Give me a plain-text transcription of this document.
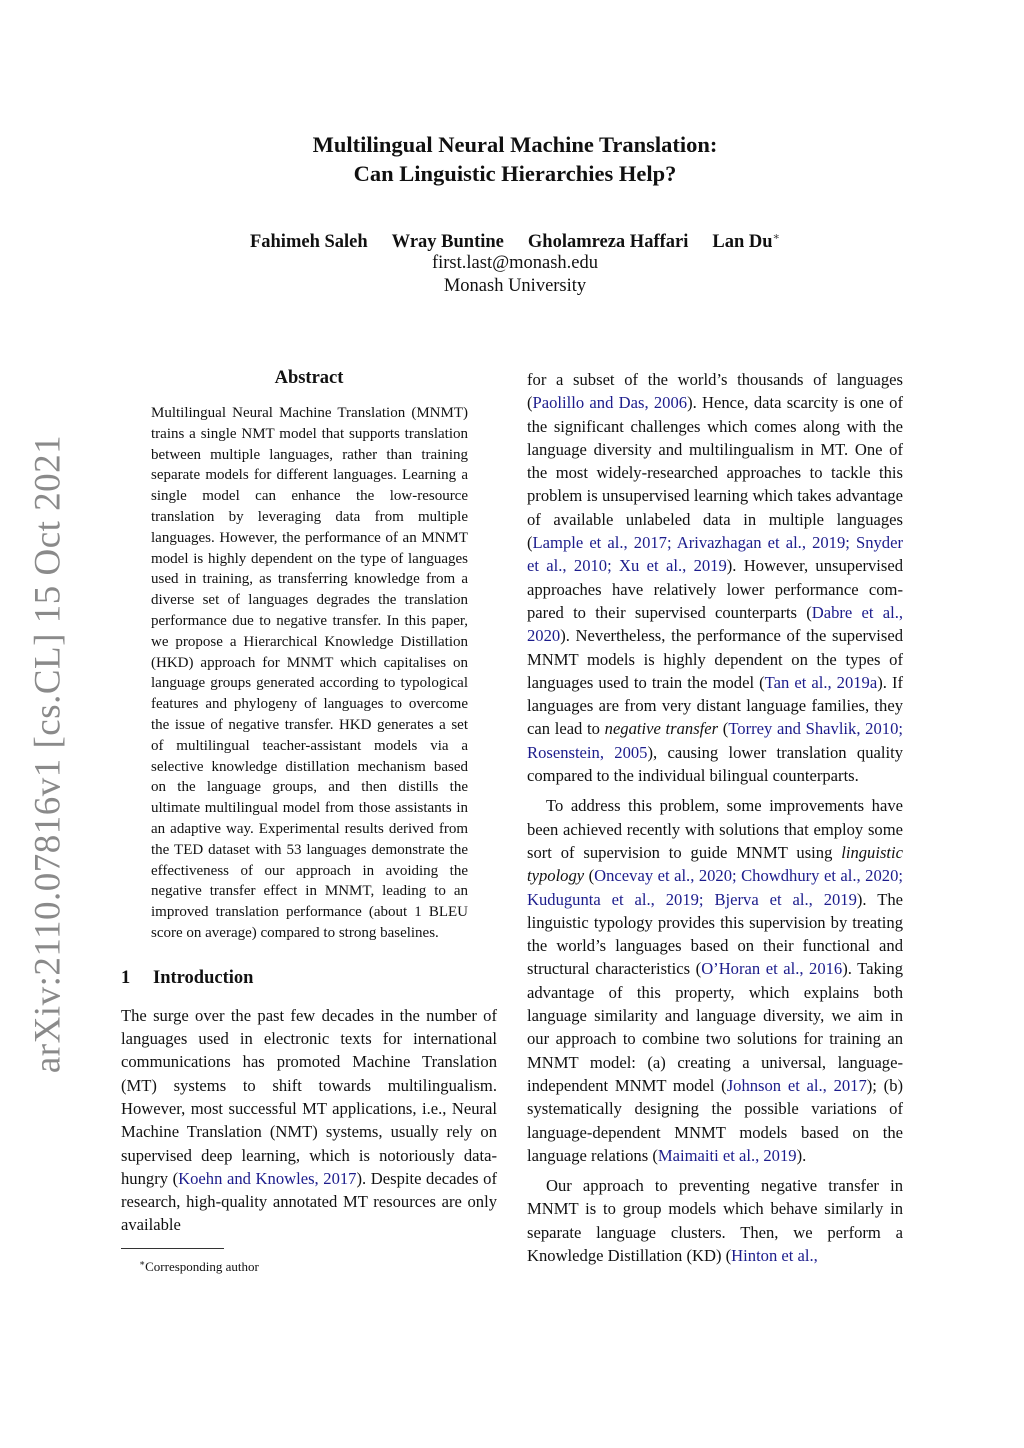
arXiv:2110.07816v1 [cs.CL] 15 Oct 2021
Multilingual Neural Machine Translation:
Can Linguistic Hierarchies Help?
Fahimeh Saleh Wray Buntine Gholamreza Haffari Lan Du∗
first.last@monash.edu
Monash University
Abstract

Multilingual Neural Machine Translation (MNMT) trains a single NMT model that supports translation between multiple languages, rather than training separate models for different languages. Learning a single model can enhance the low-resource translation by leveraging data from multiple languages. However, the performance of an MNMT model is highly dependent on the type of languages used in training, as transferring knowledge from a diverse set of languages degrades the translation performance due to negative transfer. In this paper, we propose a Hierarchical Knowledge Distillation (HKD) approach for MNMT which capitalises on language groups generated according to typological features and phylogeny of languages to overcome the issue of negative transfer. HKD generates a set of multilingual teacher-assistant models via a selective knowledge distillation mechanism based on the language groups, and then distills the ultimate multilingual model from those assistants in an adaptive way. Experimental results derived from the TED dataset with 53 languages demonstrate the effectiveness of our approach in avoiding the negative transfer effect in MNMT, leading to an improved translation performance (about 1 BLEU score on average) compared to strong baselines.

1 Introduction

The surge over the past few decades in the number of languages used in electronic texts for international communications has promoted Machine Translation (MT) systems to shift towards multilingualism. However, most successful MT applications, i.e., Neural Machine Translation (NMT) systems, usually rely on supervised deep learning, which is notoriously data-hungry (Koehn and Knowles, 2017). Despite decades of research, high-quality annotated MT resources are only available

∗Corresponding author

for a subset of the world’s thousands of languages (Paolillo and Das, 2006). Hence, data scarcity is one of the significant challenges which comes along with the language diversity and multilingualism in MT. One of the most widely-researched approaches to tackle this problem is unsupervised learning which takes advantage of available unlabeled data in multiple languages (Lample et al., 2017; Arivazhagan et al., 2019; Snyder et al., 2010; Xu et al., 2019). However, unsupervised approaches have relatively lower performance compared to their supervised counterparts (Dabre et al., 2020). Nevertheless, the performance of the supervised MNMT models is highly dependent on the types of languages used to train the model (Tan et al., 2019a). If languages are from very distant language families, they can lead to negative transfer (Torrey and Shavlik, 2010; Rosenstein, 2005), causing lower translation quality compared to the individual bilingual counterparts.

To address this problem, some improvements have been achieved recently with solutions that employ some sort of supervision to guide MNMT using linguistic typology (Oncevay et al., 2020; Chowdhury et al., 2020; Kudugunta et al., 2019; Bjerva et al., 2019). The linguistic typology provides this supervision by treating the world’s languages based on their functional and structural characteristics (O’Horan et al., 2016). Taking advantage of this property, which explains both language similarity and language diversity, we aim in our approach to combine two solutions for training an MNMT model: (a) creating a universal, language-independent MNMT model (Johnson et al., 2017); (b) systematically designing the possible variations of language-dependent MNMT models based on the language relations (Maimaiti et al., 2019).

Our approach to preventing negative transfer in MNMT is to group models which behave similarly in separate language clusters. Then, we perform a Knowledge Distillation (KD) (Hinton et al.,
